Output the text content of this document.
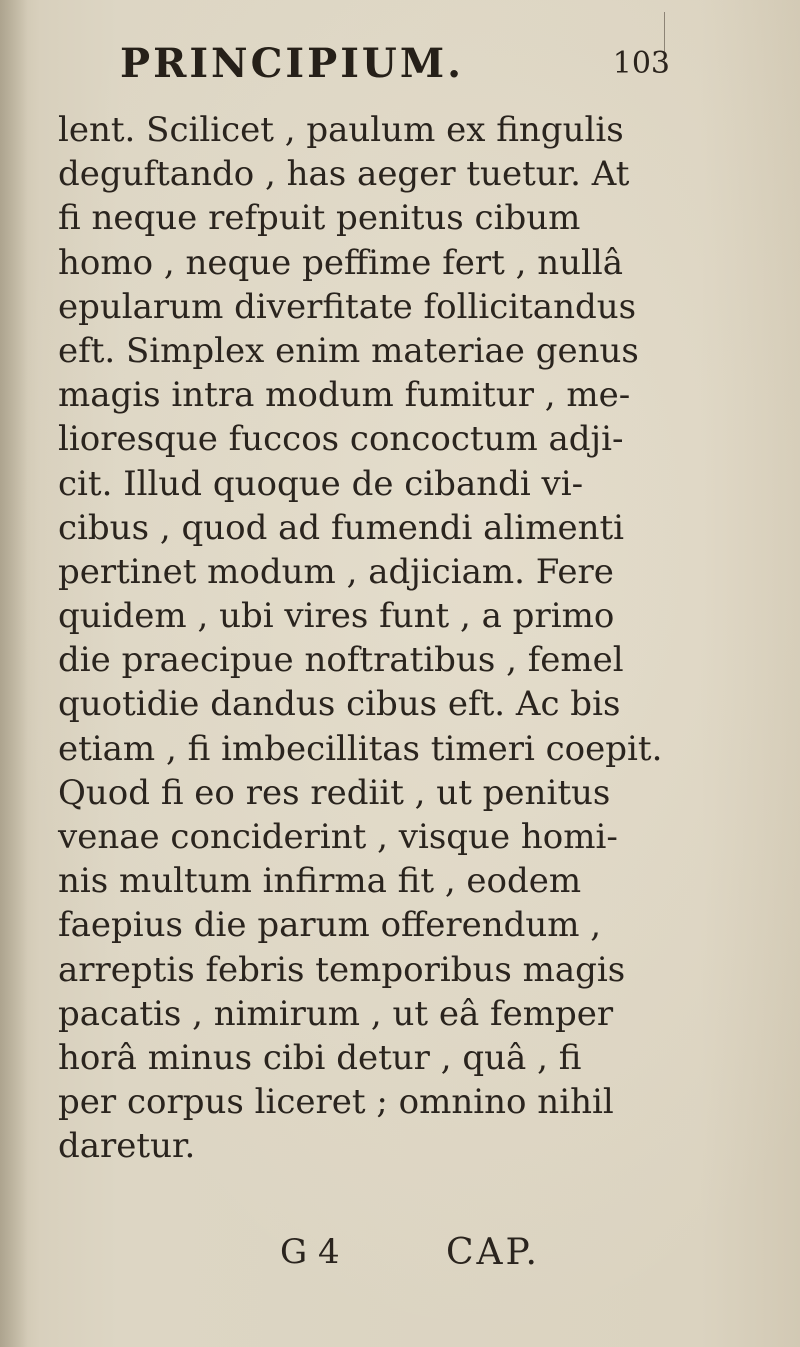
PRINCIPIUM.	103
lent. Scilicet , paulum ex fingulis
deguftando , has aeger tuetur. At
fi neque refpuit penitus cibum
homo , neque peffime fert , nullâ
epularum diverfitate follicitandus
eft. Simplex enim materiae genus
magis intra modum fumitur , me-
lioresque fuccos concoctum adji-
cit. Illud quoque de cibandi vi-
cibus , quod ad fumendi alimenti
pertinet modum , adjiciam. Fere
quidem , ubi vires funt , a primo
die praecipue noftratibus , femel
quotidie dandus cibus eft. Ac bis
etiam , fi imbecillitas timeri coepit.
Quod fi eo res rediit , ut penitus
venae conciderint , visque homi-
nis multum infirma fit , eodem
faepius die parum offerendum ,
arreptis febris temporibus magis
pacatis , nimirum , ut eâ femper
horâ minus cibi detur , quâ , fi
per corpus liceret ; omnino nihil
daretur.
G 4	CAP.
